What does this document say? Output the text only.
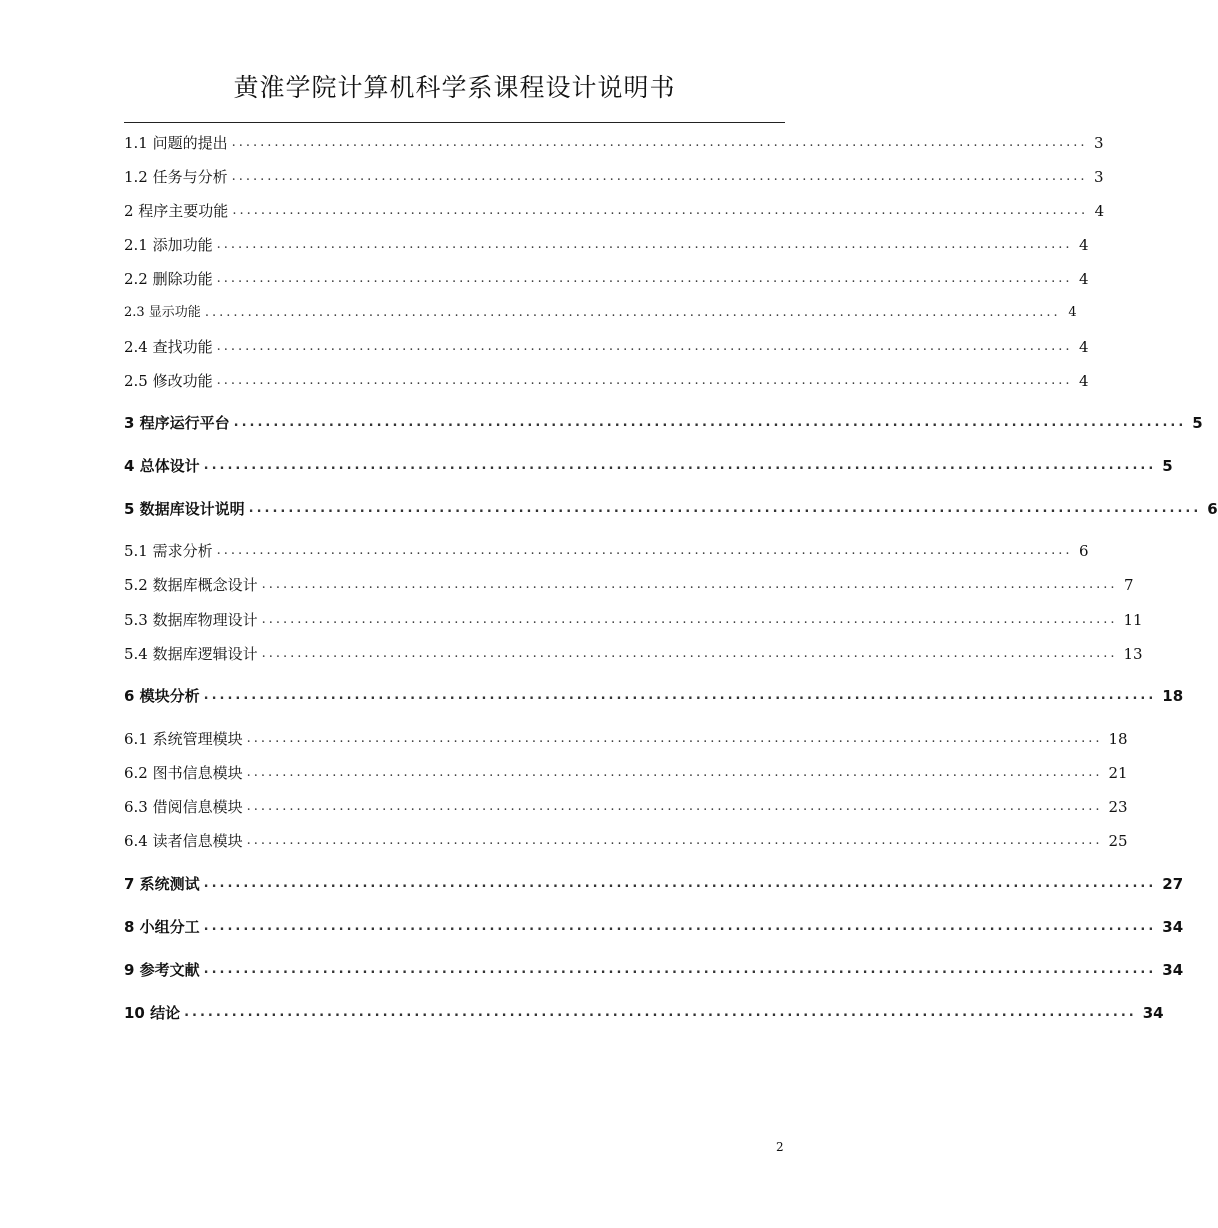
黄淮学院计算机科学系课程设计说明书
1.1 问题的提出 ........................................................................................................................ 3
1.2 任务与分析 ........................................................................................................................ 3
2 程序主要功能 ........................................................................................................................ 4
2.1 添加功能 ........................................................................................................................ 4
2.2 删除功能 ........................................................................................................................ 4
2.3 显示功能 ........................................................................................................................ 4
2.4 查找功能 ........................................................................................................................ 4
2.5 修改功能 ........................................................................................................................ 4
3 程序运行平台 ........................................................................................................................ 5
4 总体设计 ........................................................................................................................ 5
5 数据库设计说明 ........................................................................................................................ 6
5.1 需求分析 ........................................................................................................................ 6
5.2 数据库概念设计 ........................................................................................................................ 7
5.3 数据库物理设计 ........................................................................................................................ 11
5.4 数据库逻辑设计 ........................................................................................................................ 13
6 模块分析 ........................................................................................................................ 18
6.1 系统管理模块 ........................................................................................................................ 18
6.2 图书信息模块 ........................................................................................................................ 21
6.3 借阅信息模块 ........................................................................................................................ 23
6.4 读者信息模块 ........................................................................................................................ 25
7 系统测试 ........................................................................................................................ 27
8 小组分工 ........................................................................................................................ 34
9 参考文献 ........................................................................................................................ 34
10 结论 ........................................................................................................................ 34
2
